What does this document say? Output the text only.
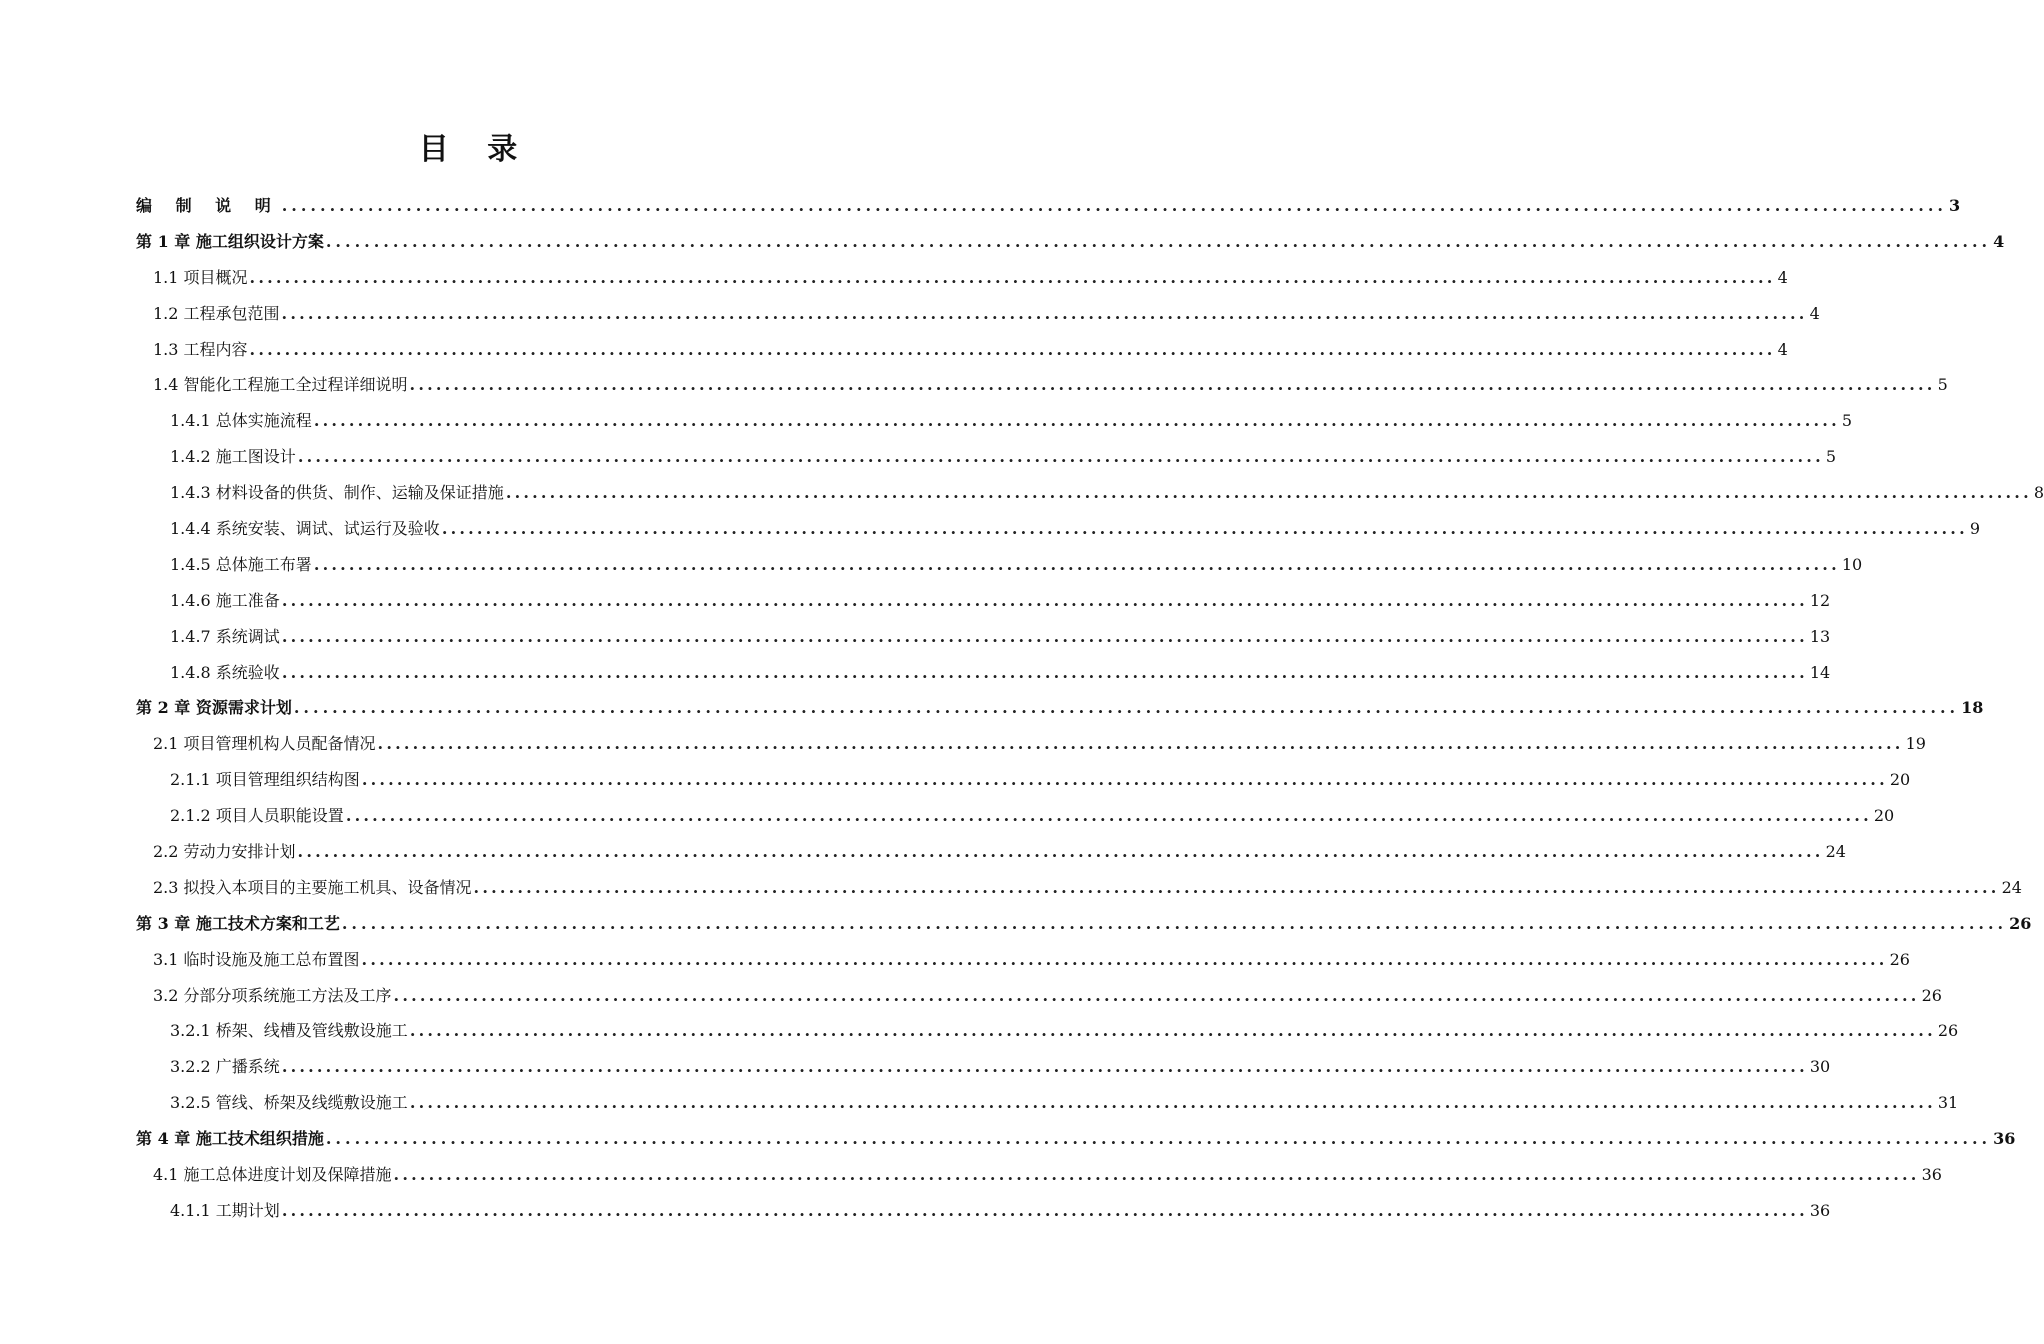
目 录
编 制 说 明 .............................................................................................................................................................................. 3
第 1 章 施工组织设计方案 .............................................................................................................................................................................. 4
1.1 项目概况 .............................................................................................................................................................................. 4
1.2 工程承包范围 .............................................................................................................................................................................. 4
1.3 工程内容 .............................................................................................................................................................................. 4
1.4 智能化工程施工全过程详细说明 .............................................................................................................................................................................. 5
1.4.1 总体实施流程 .............................................................................................................................................................................. 5
1.4.2 施工图设计 .............................................................................................................................................................................. 5
1.4.3 材料设备的供货、制作、运输及保证措施 .............................................................................................................................................................................. 8
1.4.4 系统安装、调试、试运行及验收 .............................................................................................................................................................................. 9
1.4.5 总体施工布署 .............................................................................................................................................................................. 10
1.4.6 施工准备 .............................................................................................................................................................................. 12
1.4.7 系统调试 .............................................................................................................................................................................. 13
1.4.8 系统验收 .............................................................................................................................................................................. 14
第 2 章 资源需求计划 .............................................................................................................................................................................. 18
2.1 项目管理机构人员配备情况 .............................................................................................................................................................................. 19
2.1.1 项目管理组织结构图 .............................................................................................................................................................................. 20
2.1.2 项目人员职能设置 .............................................................................................................................................................................. 20
2.2 劳动力安排计划 .............................................................................................................................................................................. 24
2.3 拟投入本项目的主要施工机具、设备情况 .............................................................................................................................................................................. 24
第 3 章 施工技术方案和工艺 .............................................................................................................................................................................. 26
3.1 临时设施及施工总布置图 .............................................................................................................................................................................. 26
3.2 分部分项系统施工方法及工序 .............................................................................................................................................................................. 26
3.2.1 桥架、线槽及管线敷设施工 .............................................................................................................................................................................. 26
3.2.2 广播系统 .............................................................................................................................................................................. 30
3.2.5 管线、桥架及线缆敷设施工 .............................................................................................................................................................................. 31
第 4 章 施工技术组织措施 .............................................................................................................................................................................. 36
4.1 施工总体进度计划及保障措施 .............................................................................................................................................................................. 36
4.1.1 工期计划 .............................................................................................................................................................................. 36
